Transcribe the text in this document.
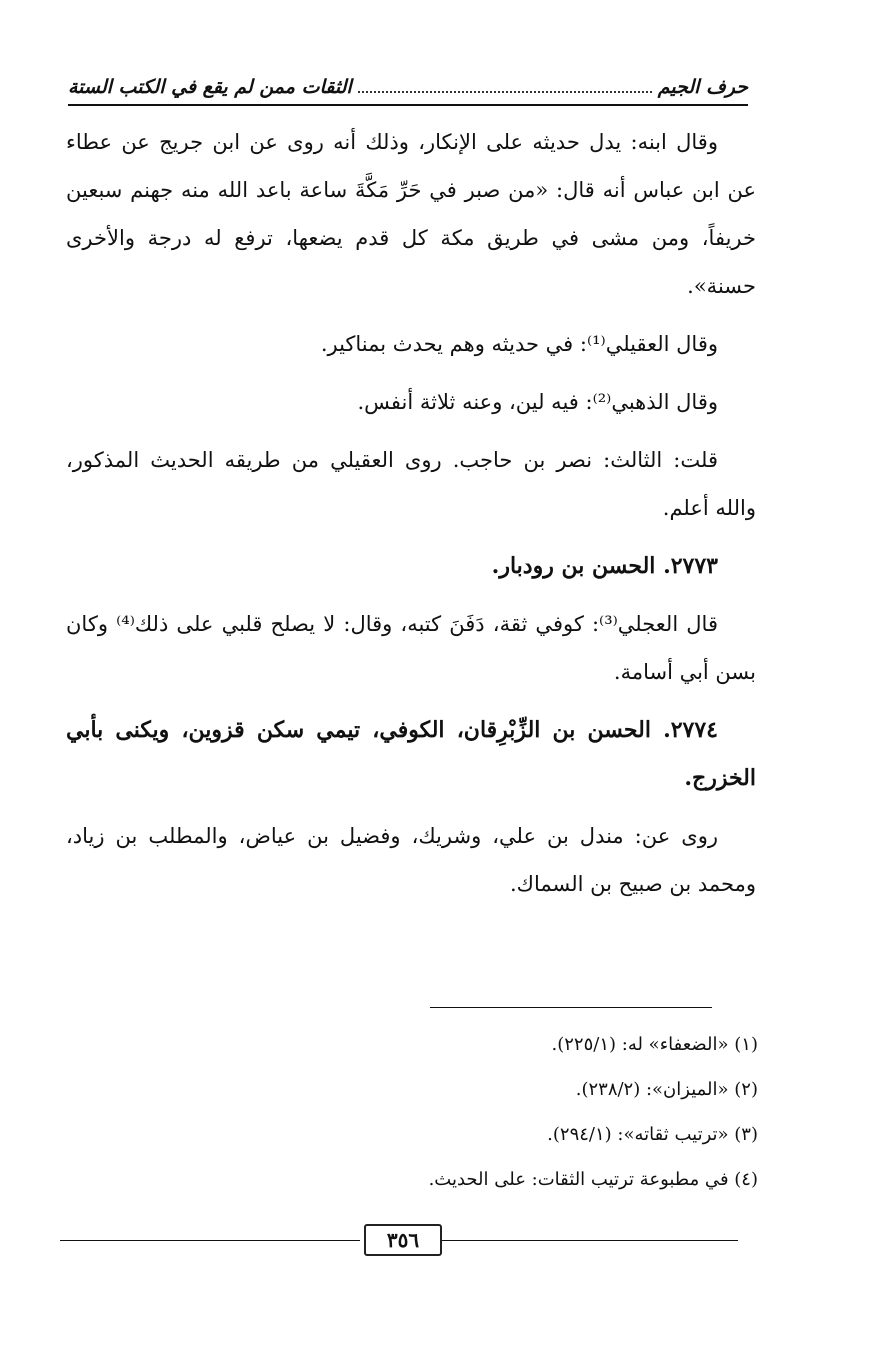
حرف الجيم
الثقات ممن لم يقع في الكتب الستة

وقال ابنه: يدل حديثه على الإنكار، وذلك أنه روى عن ابن جريج عن عطاء عن ابن عباس أنه قال: «من صبر في حَرِّ مَكَّةَ ساعة باعد الله منه جهنم سبعين خريفاً، ومن مشى في طريق مكة كل قدم يضعها، ترفع له درجة والأخرى حسنة».

وقال العقيلي⁽¹⁾: في حديثه وهم يحدث بمناكير.

وقال الذهبي⁽²⁾: فيه لين، وعنه ثلاثة أنفس.

قلت: الثالث: نصر بن حاجب. روى العقيلي من طريقه الحديث المذكور، والله أعلم.

٢٧٧٣. الحسن بن رودبار.

قال العجلي⁽³⁾: كوفي ثقة، دَفَنَ كتبه، وقال: لا يصلح قلبي على ذلك⁽⁴⁾ وكان بسن أبي أسامة.

٢٧٧٤. الحسن بن الزِّبْرِقان، الكوفي، تيمي سكن قزوين، ويكنى بأبي الخزرج.

روى عن: مندل بن علي، وشريك، وفضيل بن عياض، والمطلب بن زياد، ومحمد بن صبيح بن السماك.

(١) «الضعفاء» له: (٢٢٥/١).
(٢) «الميزان»: (٢٣٨/٢).
(٣) «ترتيب ثقاته»: (٢٩٤/١).
(٤) في مطبوعة ترتيب الثقات: على الحديث.
٣٥٦
